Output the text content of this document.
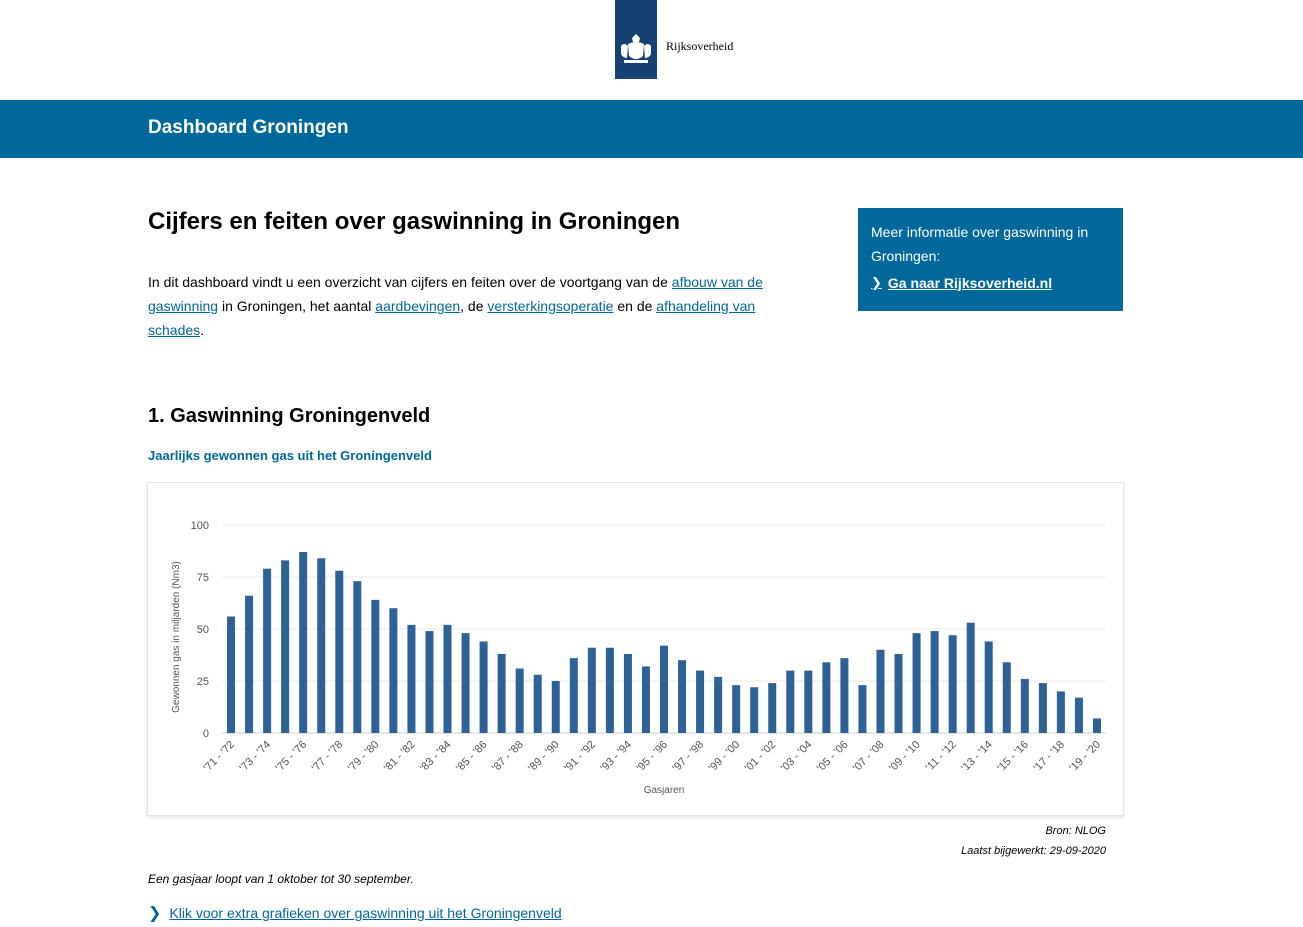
Rijksoverheid
Dashboard Groningen
Cijfers en feiten over gaswinning in Groningen

In dit dashboard vindt u een overzicht van cijfers en feiten over de voortgang van de afbouw van de gaswinning in Groningen, het aantal aardbevingen, de versterkingsoperatie en de afhandeling van schades.

Meer informatie over gaswinning in Groningen:
❯ Ga naar Rijksoverheid.nl
1. Gaswinning Groningenveld
Jaarlijks gewonnen gas uit het Groningenveld
0
25
50
75
100
'71 - '72 '73 - '74 '75 - '76 '77 - '78 '79 - '80 '81 - '82 '83 - '84 '85 - '86 '87 - '88 '89 - '90 '91 - '92 '93 - '94 '95 - '96 '97 - '98 '99 - '00 '01 - '02 '03 - '04 '05 - '06 '07 - '08 '09 - '10 '11 - '12 '13 - '14 '15 - '16 '17 - '18 '19 - '20
Gasjaren
Gewonnen gas in miljarden (Nm3)
Bron: NLOG
Laatst bijgewerkt: 29-09-2020
Een gasjaar loopt van 1 oktober tot 30 september.
❯ Klik voor extra grafieken over gaswinning uit het Groningenveld
